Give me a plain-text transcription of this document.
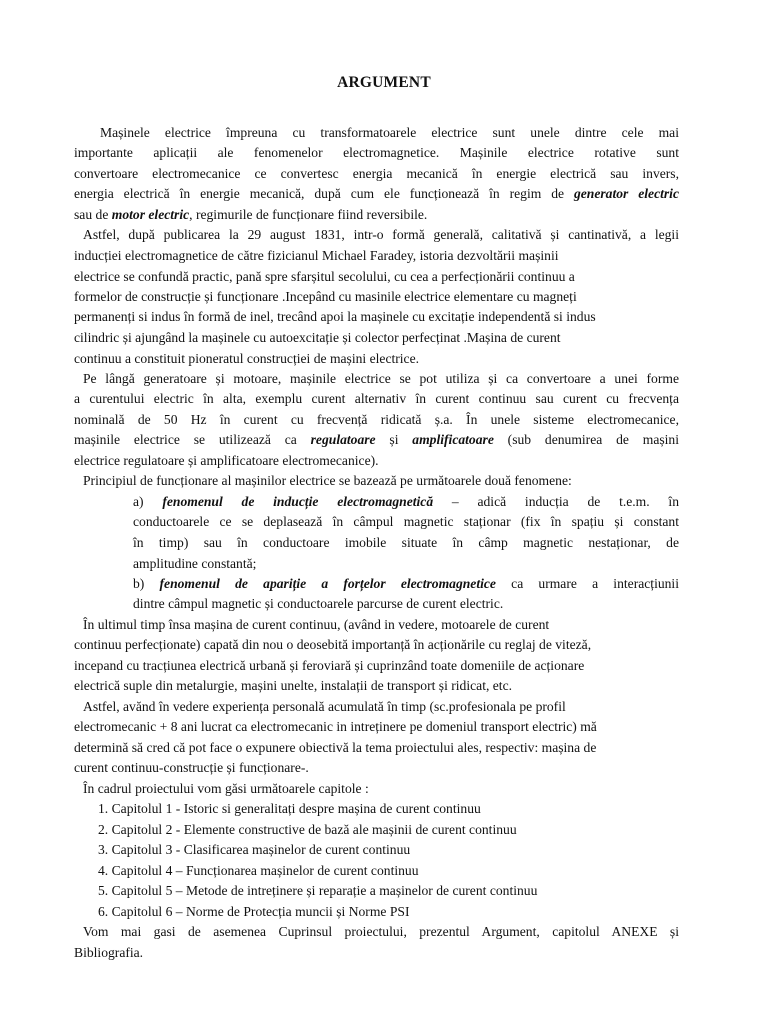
ARGUMENT
Mașinele electrice împreuna cu transformatoarele electrice sunt unele dintre cele mai
importante aplicații ale fenomenelor electromagnetice. Mașinile electrice rotative sunt
convertoare electromecanice ce convertesc energia mecanică în energie electrică sau invers,
energia electrică în energie mecanică, după cum ele funcționează în regim de generator electric
sau de motor electric, regimurile de funcționare fiind reversibile.
Astfel, după publicarea la 29 august 1831, intr-o formă generală, calitativă și cantinativă, a legii
inducției electromagnetice de către fizicianul Michael Faradey, istoria dezvoltării mașinii
electrice se confundă practic, pană spre sfarșitul secolului, cu cea a perfecționării continuu a
formelor de construcție și funcționare .Incepând cu masinile electrice elementare cu magneți
permanenți si indus în formă de inel, trecând apoi la mașinele cu excitație independentă si indus
cilindric și ajungând la mașinele cu autoexcitație și colector perfecținat .Mașina de curent
continuu a constituit pioneratul construcției de mașini electrice.
Pe lângă generatoare și motoare, mașinile electrice se pot utiliza și ca convertoare a unei forme
a curentului electric în alta, exemplu curent alternativ în curent continuu sau curent cu frecvența
nominală de 50 Hz în curent cu frecvență ridicată ș.a. În unele sisteme electromecanice,
mașinile electrice se utilizează ca regulatoare și amplificatoare (sub denumirea de mașini
electrice regulatoare și amplificatoare electromecanice).
Principiul de funcționare al mașinilor electrice se bazează pe următoarele două fenomene:
a) fenomenul de inducție electromagnetică – adică inducția de t.e.m. în
conductoarele ce se deplasează în câmpul magnetic staționar (fix în spațiu și constant
în timp) sau în conductoare imobile situate în câmp magnetic nestaționar, de
amplitudine constantă;
b) fenomenul de apariție a forțelor electromagnetice ca urmare a interacțiunii
dintre câmpul magnetic și conductoarele parcurse de curent electric.
În ultimul timp însa mașina de curent continuu, (având in vedere, motoarele de curent
continuu perfecționate) capată din nou o deosebită importanță în acționările cu reglaj de viteză,
incepand cu tracțiunea electrică urbană și feroviară și cuprinzând toate domeniile de acționare
electrică suple din metalurgie, mașini unelte, instalații de transport și ridicat, etc.
Astfel, avănd în vedere experiența personală acumulată în timp (sc.profesionala pe profil
electromecanic + 8 ani lucrat ca electromecanic in intreținere pe domeniul transport electric) mă
determină să cred că pot face o expunere obiectivă la tema proiectului ales, respectiv: mașina de
curent continuu-construcție și funcționare-.
În cadrul proiectului vom găsi următoarele capitole :
1. Capitolul 1 - Istoric si generalitați despre mașina de curent continuu
2. Capitolul 2 - Elemente constructive de bază ale mașinii de curent continuu
3. Capitolul 3 - Clasificarea mașinelor de curent continuu
4. Capitolul 4 – Funcționarea mașinelor de curent continuu
5. Capitolul 5 – Metode de intreținere și reparație a mașinelor de curent continuu
6. Capitolul 6 – Norme de Protecția muncii și Norme PSI
Vom mai gasi de asemenea Cuprinsul proiectului, prezentul Argument, capitolul ANEXE și
Bibliografia.
